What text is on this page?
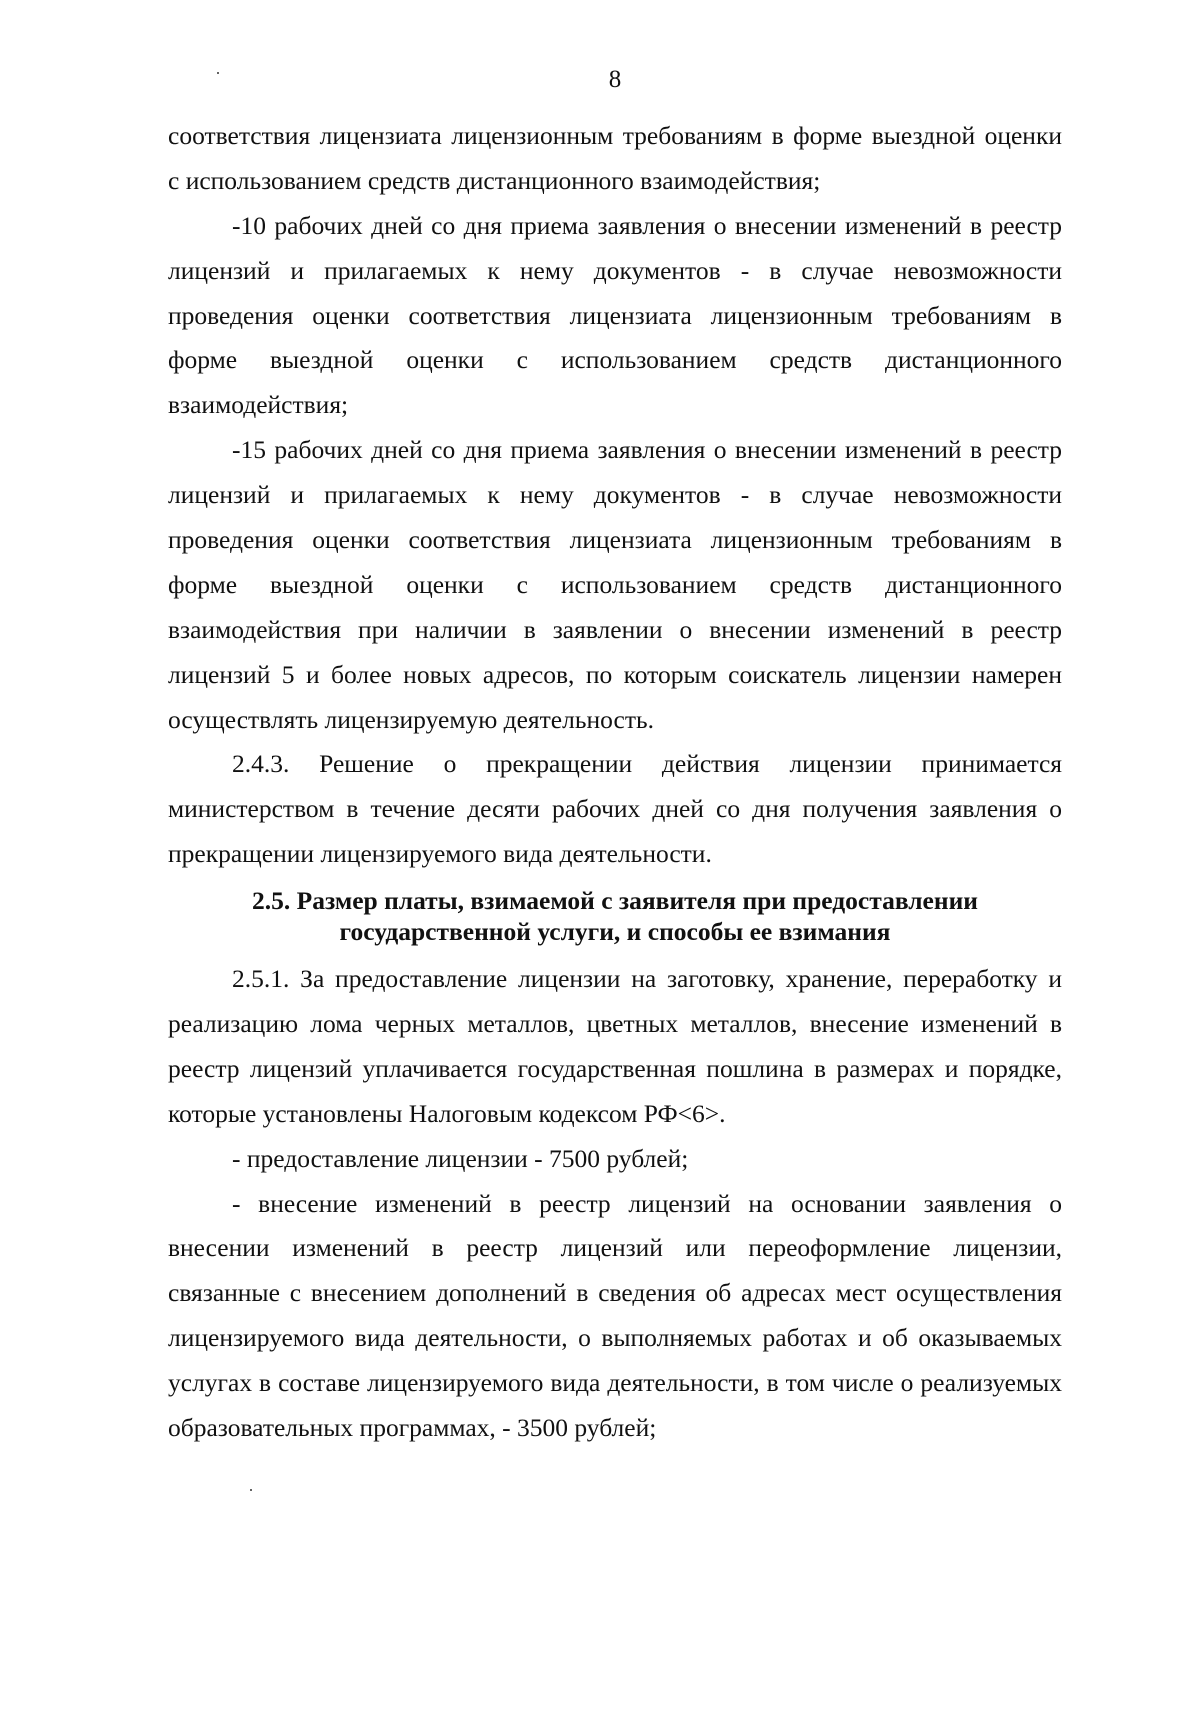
8
соответствия лицензиата лицензионным требованиям в форме выездной оценки
с использованием средств дистанционного взаимодействия;
-10 рабочих дней со дня приема заявления о внесении изменений в реестр
лицензий и прилагаемых к нему документов - в случае невозможности
проведения оценки соответствия лицензиата лицензионным требованиям в
форме выездной оценки с использованием средств дистанционного
взаимодействия;
-15 рабочих дней со дня приема заявления о внесении изменений в реестр
лицензий и прилагаемых к нему документов - в случае невозможности
проведения оценки соответствия лицензиата лицензионным требованиям в
форме выездной оценки с использованием средств дистанционного
взаимодействия при наличии в заявлении о внесении изменений в реестр
лицензий 5 и более новых адресов, по которым соискатель лицензии намерен
осуществлять лицензируемую деятельность.
2.4.3. Решение о прекращении действия лицензии принимается
министерством в течение десяти рабочих дней со дня получения заявления о
прекращении лицензируемого вида деятельности.
2.5. Размер платы, взимаемой с заявителя при предоставлении
государственной услуги, и способы ее взимания
2.5.1. За предоставление лицензии на заготовку, хранение, переработку и
реализацию лома черных металлов, цветных металлов, внесение изменений в
реестр лицензий уплачивается государственная пошлина в размерах и порядке,
которые установлены Налоговым кодексом РФ<6>.
- предоставление лицензии - 7500 рублей;
- внесение изменений в реестр лицензий на основании заявления о
внесении изменений в реестр лицензий или переоформление лицензии,
связанные с внесением дополнений в сведения об адресах мест осуществления
лицензируемого вида деятельности, о выполняемых работах и об оказываемых
услугах в составе лицензируемого вида деятельности, в том числе о реализуемых
образовательных программах, - 3500 рублей;
